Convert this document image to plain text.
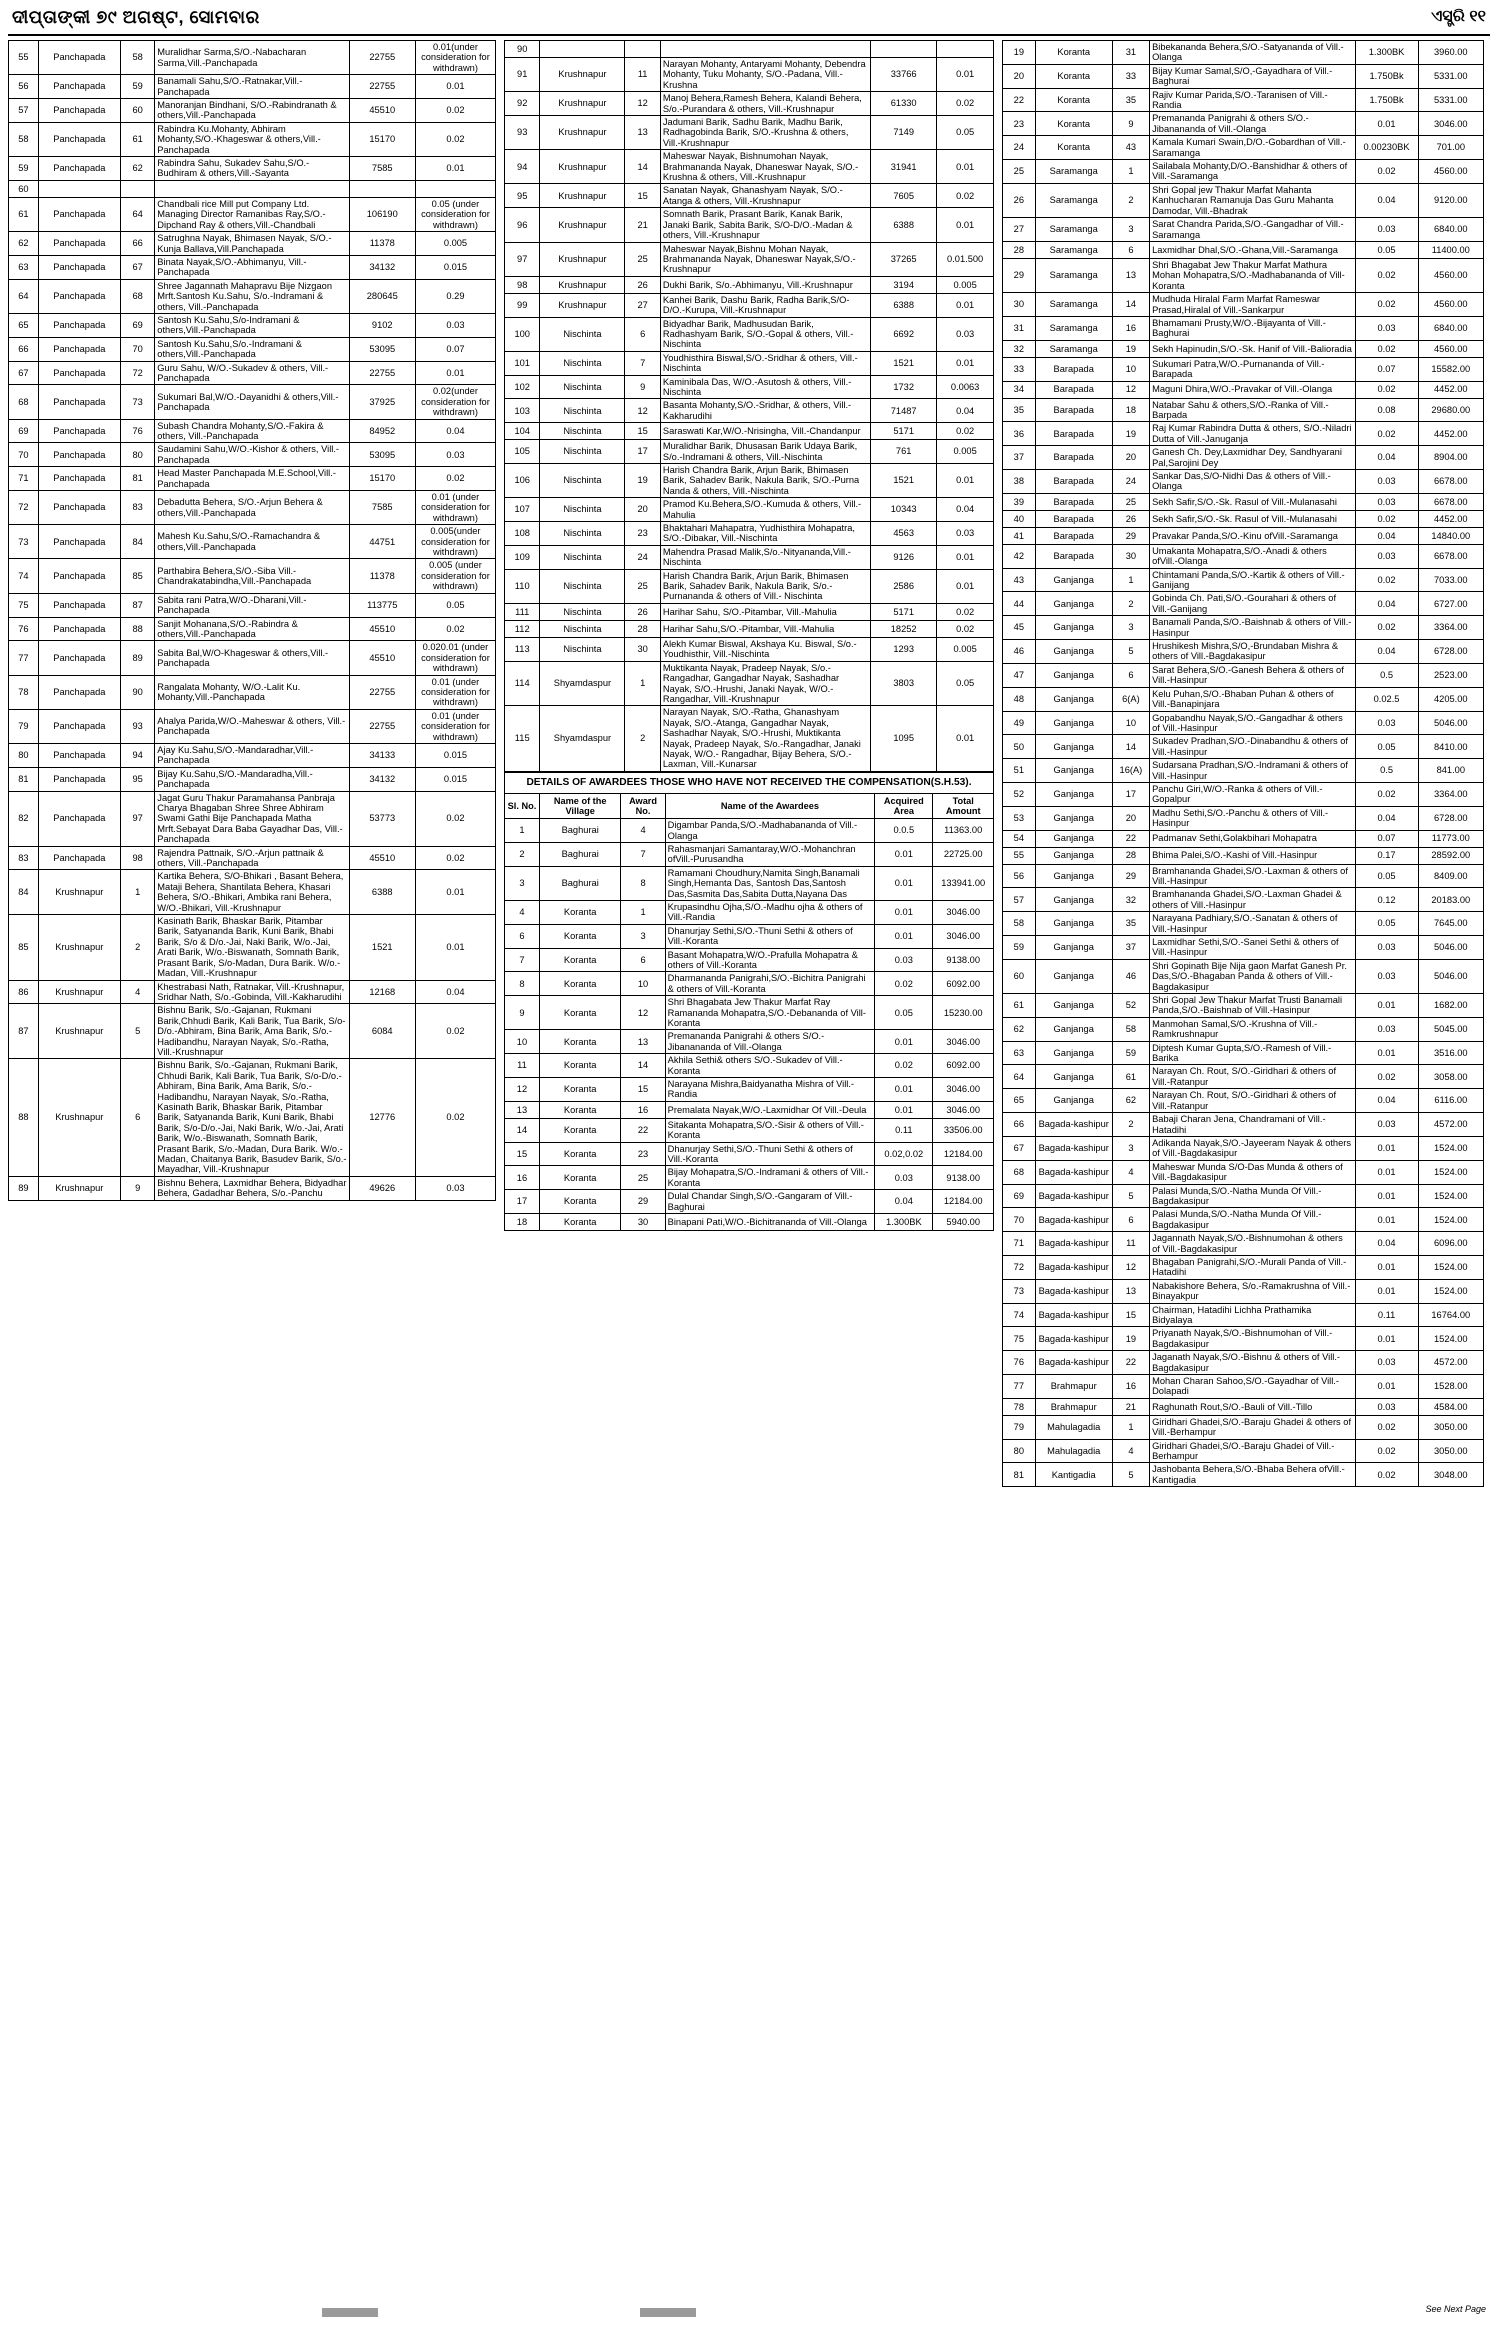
ଦୀପ୍ତାଙ୍କୀ ୭୯ ଅଗଷ୍ଟ, ସୋମବାର	ଏସ୍ତ୍ରି ୧୧
55	Panchapada	58	Muralidhar Sarma,S/O.-Nabacharan Sarma,Vill.-Panchapada	22755	0.01(under consideration for withdrawn)
56	Panchapada	59	Banamali Sahu,S/O.-Ratnakar,Vill.-Panchapada	22755	0.01
57	Panchapada	60	Manoranjan Bindhani, S/O.-Rabindranath & others,Vill.-Panchapada	45510	0.02
58	Panchapada	61	Rabindra Ku.Mohanty, Abhiram Mohanty,S/O.-Khageswar & others,Vill.-Panchapada	15170	0.02
59	Panchapada	62	Rabindra Sahu, Sukadev Sahu,S/O.-Budhiram & others,Vill.-Sayanta	7585	0.01
60					
61	Panchapada	64	Chandbali rice Mill put Company Ltd. Managing Director Ramanibas Ray,S/O.-Dipchand Ray & others,Vill.-Chandbali	106190	0.05 (under consideration for withdrawn)
62	Panchapada	66	Satrughna Nayak, Bhimasen Nayak, S/O.-Kunja Ballava,Vill.Panchapada	11378	0.005
63	Panchapada	67	Binata Nayak,S/O.-Abhimanyu, Vill.-Panchapada	34132	0.015
64	Panchapada	68	Shree Jagannath Mahapravu Bije Nizgaon Mrft.Santosh Ku.Sahu, S/o.-Indramani & others, Vill.-Panchapada	280645	0.29
65	Panchapada	69	Santosh Ku.Sahu,S/o-Indramani & others,Vill.-Panchapada	9102	0.03
66	Panchapada	70	Santosh Ku.Sahu,S/o.-Indramani & others,Vill.-Panchapada	53095	0.07
67	Panchapada	72	Guru Sahu, W/O.-Sukadev & others, Vill.-Panchapada	22755	0.01
68	Panchapada	73	Sukumari Bal,W/O.-Dayanidhi & others,Vill.-Panchapada	37925	0.02(under consideration for withdrawn)
69	Panchapada	76	Subash Chandra Mohanty,S/O.-Fakira & others, Vill.-Panchapada	84952	0.04
70	Panchapada	80	Saudamini Sahu,W/O.-Kishor & others, Vill.-Panchapada	53095	0.03
71	Panchapada	81	Head Master Panchapada M.E.School,Vill.-Panchapada	15170	0.02
72	Panchapada	83	Debadutta Behera, S/O.-Arjun Behera & others,Vill.-Panchapada	7585	0.01 (under consideration for withdrawn)
73	Panchapada	84	Mahesh Ku.Sahu,S/O.-Ramachandra & others,Vill.-Panchapada	44751	0.005(under consideration for withdrawn)
74	Panchapada	85	Parthabira Behera,S/O.-Siba Vill.-Chandrakatabindha,Vill.-Panchapada	11378	0.005 (under consideration for withdrawn)
75	Panchapada	87	Sabita rani Patra,W/O.-Dharani,Vill.-Panchapada	113775	0.05
76	Panchapada	88	Sanjit Mohanana,S/O.-Rabindra & others,Vill.-Panchapada	45510	0.02
77	Panchapada	89	Sabita Bal,W/O-Khageswar & others,Vill.-Panchapada	45510	0.020.01 (under consideration for withdrawn)
78	Panchapada	90	Rangalata Mohanty, W/O.-Lalit Ku. Mohanty,Vill.-Panchapada	22755	0.01 (under consideration for withdrawn)
79	Panchapada	93	Ahalya Parida,W/O.-Maheswar & others, Vill.-Panchapada	22755	0.01 (under consideration for withdrawn)
80	Panchapada	94	Ajay Ku.Sahu,S/O.-Mandaradhar,Vill.-Panchapada	34133	0.015
81	Panchapada	95	Bijay Ku.Sahu,S/O.-Mandaradha,Vill.-Panchapada	34132	0.015
82	Panchapada	97	Jagat Guru Thakur Paramahansa Panbraja Charya Bhagaban Shree Shree Abhiram Swami Gathi Bije Panchapada Matha Mrft.Sebayat Dara Baba Gayadhar Das, Vill.-Panchapada	53773	0.02
83	Panchapada	98	Rajendra Pattnaik, S/O.-Arjun pattnaik & others, Vill.-Panchapada	45510	0.02
84	Krushnapur	1	Kartika Behera, S/O-Bhikari , Basant Behera, Mataji Behera, Shantilata Behera, Khasari Behera, S/O.-Bhikari, Ambika rani Behera, W/O.-Bhikari, Vill.-Krushnapur	6388	0.01
85	Krushnapur	2	Kasinath Barik, Bhaskar Barik, Pitambar Barik, Satyananda Barik, Kuni Barik, Bhabi Barik, S/o & D/o.-Jai, Naki Barik, W/o.-Jai, Arati Barik, W/o.-Biswanath, Somnath Barik, Prasant Barik, S/o-Madan, Dura Barik. W/o.-Madan, Vill.-Krushnapur	1521	0.01
86	Krushnapur	4	Khestrabasi Nath, Ratnakar, Vill.-Krushnapur, Sridhar Nath, S/o.-Gobinda, Vill.-Kakharudihi	12168	0.04
87	Krushnapur	5	Bishnu Barik, S/o.-Gajanan, Rukmani Barik,Chhudi Barik, Kali Barik, Tua Barik, S/o-D/o.-Abhiram, Bina Barik, Ama Barik, S/o.-Hadibandhu, Narayan Nayak, S/o.-Ratha, Vill.-Krushnapur	6084	0.02
88	Krushnapur	6	Bishnu Barik, S/o.-Gajanan, Rukmani Barik, Chhudi Barik, Kali Barik, Tua Barik, S/o-D/o.-Abhiram, Bina Barik, Ama Barik, S/o.-Hadibandhu, Narayan Nayak, S/o.-Ratha, Kasinath Barik, Bhaskar Barik, Pitambar Barik, Satyananda Barik, Kuni Barik, Bhabi Barik, S/o-D/o.-Jai, Naki Barik, W/o.-Jai, Arati Barik, W/o.-Biswanath, Somnath Barik, Prasant Barik, S/o.-Madan, Dura Barik. W/o.-Madan, Chaitanya Barik, Basudev Barik, S/o.-Mayadhar, Vill.-Krushnapur	12776	0.02
89	Krushnapur	9	Bishnu Behera, Laxmidhar Behera, Bidyadhar Behera, Gadadhar Behera, S/o.-Panchu	49626	0.03
90					
91	Krushnapur	11	Narayan Mohanty, Antaryami Mohanty, Debendra Mohanty, Tuku Mohanty, S/O.-Padana, Vill.-Krushna	33766	0.01
92	Krushnapur	12	Manoj Behera,Ramesh Behera, Kalandi Behera, S/o.-Purandara & others, Vill.-Krushnapur	61330	0.02
93	Krushnapur	13	Jadumani Barik, Sadhu Barik, Madhu Barik, Radhagobinda Barik, S/O.-Krushna & others, Vill.-Krushnapur	7149	0.05
94	Krushnapur	14	Maheswar Nayak, Bishnumohan Nayak, Brahmananda Nayak, Dhaneswar Nayak, S/O.-Krushna & others, Vill.-Krushnapur	31941	0.01
95	Krushnapur	15	Sanatan Nayak, Ghanashyam Nayak, S/O.-Atanga & others, Vill.-Krushnapur	7605	0.02
96	Krushnapur	21	Somnath Barik, Prasant Barik, Kanak Barik, Janaki Barik, Sabita Barik, S/O-D/O.-Madan & others, Vill.-Krushnapur	6388	0.01
97	Krushnapur	25	Maheswar Nayak,Bishnu Mohan Nayak, Brahmananda Nayak, Dhaneswar Nayak,S/O.- Krushnapur	37265	0.01.500
98	Krushnapur	26	Dukhi Barik, S/o.-Abhimanyu, Vill.-Krushnapur	3194	0.005
99	Krushnapur	27	Kanhei Barik, Dashu Barik, Radha Barik,S/O-D/O.-Kurupa, Vill.-Krushnapur	6388	0.01
100	Nischinta	6	Bidyadhar Barik, Madhusudan Barik, Radhashyam Barik, S/O.-Gopal & others, Vill.-Nischinta	6692	0.03
101	Nischinta	7	Youdhisthira Biswal,S/O.-Sridhar & others, Vill.-Nischinta	1521	0.01
102	Nischinta	9	Kaminibala Das, W/O.-Asutosh & others, Vill.-Nischinta	1732	0.0063
103	Nischinta	12	Basanta Mohanty,S/O.-Sridhar, & others, Vill.-Kakharudihi	71487	0.04
104	Nischinta	15	Saraswati Kar,W/O.-Nrisingha, Vill.-Chandanpur	5171	0.02
105	Nischinta	17	Muralidhar Barik, Dhusasan Barik Udaya Barik, S/o.-Indramani & others, Vill.-Nischinta	761	0.005
106	Nischinta	19	Harish Chandra Barik, Arjun Barik, Bhimasen Barik, Sahadev Barik, Nakula Barik, S/O.-Purna Nanda & others, Vill.-Nischinta	1521	0.01
107	Nischinta	20	Pramod Ku.Behera,S/O.-Kumuda & others, Vill.-Mahulia	10343	0.04
108	Nischinta	23	Bhaktahari Mahapatra, Yudhisthira Mohapatra, S/O.-Dibakar, Vill.-Nischinta	4563	0.03
109	Nischinta	24	Mahendra Prasad Malik,S/o.-Nityananda,Vill.-Nischinta	9126	0.01
110	Nischinta	25	Harish Chandra Barik, Arjun Barik, Bhimasen Barik, Sahadev Barik, Nakula Barik, S/o.-Purnananda & others of Vill.- Nischinta	2586	0.01
111	Nischinta	26	Harihar Sahu, S/O.-Pitambar, Vill.-Mahulia	5171	0.02
112	Nischinta	28	Harihar Sahu,S/O.-Pitambar, Vill.-Mahulia	18252	0.02
113	Nischinta	30	Alekh Kumar Biswal, Akshaya Ku. Biswal, S/o.-Youdhisthir, Vill.-Nischinta	1293	0.005
114	Shyamdaspur	1	Muktikanta Nayak, Pradeep Nayak, S/o.-Rangadhar, Gangadhar Nayak, Sashadhar Nayak, S/O.-Hrushi, Janaki Nayak, W/O.-Rangadhar, Vill.-Krushnapur	3803	0.05
115	Shyamdaspur	2	Narayan Nayak, S/O.-Ratha, Ghanashyam Nayak, S/O.-Atanga, Gangadhar Nayak, Sashadhar Nayak, S/O.-Hrushi, Muktikanta Nayak, Pradeep Nayak, S/o.-Rangadhar, Janaki Nayak, W/O.- Rangadhar, Bijay Behera, S/O.-Laxman, Vill.-Kunarsar	1095	0.01
DETAILS OF AWARDEES THOSE WHO HAVE NOT RECEIVED THE COMPENSATION(S.H.53).
Sl. No.	Name of the Village	Award No.	Name of the Awardees	Acquired Area	Total Amount
1	Baghurai	4	Digambar Panda,S/O.-Madhabananda of Vill.-Olanga	0.0.5	11363.00
2	Baghurai	7	Rahasmanjari Samantaray,W/O.-Mohanchran ofVill.-Purusandha	0.01	22725.00
3	Baghurai	8	Ramamani Choudhury,Namita Singh,Banamali Singh,Hemanta Das, Santosh Das,Santosh Das,Sasmita Das,Sabita Dutta,Nayana Das	0.01	133941.00
4	Koranta	1	Krupasindhu Ojha,S/O.-Madhu ojha & others of Vill.-Randia	0.01	3046.00
6	Koranta	3	Dhanurjay Sethi,S/O.-Thuni Sethi & others of Vill.-Koranta	0.01	3046.00
7	Koranta	6	Basant Mohapatra,W/O.-Prafulla Mohapatra & others of Vill.-Koranta	0.03	9138.00
8	Koranta	10	Dharmananda Panigrahi,S/O.-Bichitra Panigrahi & others of Vill.-Koranta	0.02	6092.00
9	Koranta	12	Shri Bhagabata Jew Thakur Marfat Ray Ramananda Mohapatra,S/O.-Debananda of Vill-Koranta	0.05	15230.00
10	Koranta	13	Premananda Panigrahi & others S/O.-Jibanananda of Vill.-Olanga	0.01	3046.00
11	Koranta	14	Akhila Sethi& others S/O.-Sukadev of Vill.-Koranta	0.02	6092.00
12	Koranta	15	Narayana Mishra,Baidyanatha Mishra of Vill.-Randia	0.01	3046.00
13	Koranta	16	Premalata Nayak,W/O.-Laxmidhar Of Vill.-Deula	0.01	3046.00
14	Koranta	22	Sitakanta Mohapatra,S/O.-Sisir & others of Vill.-Koranta	0.11	33506.00
15	Koranta	23	Dhanurjay Sethi,S/O.-Thuni Sethi & others of Vill.-Koranta	0.02,0.02	12184.00
16	Koranta	25	Bijay Mohapatra,S/O.-Indramani & others of Vill.-Koranta	0.03	9138.00
17	Koranta	29	Dulal Chandar Singh,S/O.-Gangaram of Vill.-Baghurai	0.04	12184.00
18	Koranta	30	Binapani Pati,W/O.-Bichitrananda of Vill.-Olanga	1.300BK	5940.00
19	Koranta	31	Bibekananda Behera,S/O.-Satyananda of Vill.-Olanga	1.300BK	3960.00
20	Koranta	33	Bijay Kumar Samal,S/O,-Gayadhara of Vill.-Baghurai	1.750Bk	5331.00
22	Koranta	35	Rajiv Kumar Parida,S/O.-Taranisen of Vill.-Randia	1.750Bk	5331.00
23	Koranta	9	Premananda Panigrahi & others S/O.-Jibanananda of Vill.-Olanga	0.01	3046.00
24	Koranta	43	Kamala Kumari Swain,D/O.-Gobardhan of Vill.-Saramanga	0.00230BK	701.00
25	Saramanga	1	Sailabala Mohanty,D/O.-Banshidhar & others of Vill.-Saramanga	0.02	4560.00
26	Saramanga	2	Shri Gopal jew Thakur Marfat Mahanta Kanhucharan Ramanuja Das Guru Mahanta Damodar, Vill.-Bhadrak	0.04	9120.00
27	Saramanga	3	Sarat Chandra Parida,S/O.-Gangadhar of Vill.-Saramanga	0.03	6840.00
28	Saramanga	6	Laxmidhar Dhal,S/O.-Ghana,Vill.-Saramanga	0.05	11400.00
29	Saramanga	13	Shri Bhagabat Jew Thakur Marfat Mathura Mohan Mohapatra,S/O.-Madhabananda of Vill-Koranta	0.02	4560.00
30	Saramanga	14	Mudhuda Hiralal Farm Marfat Rameswar Prasad,Hiralal of Vill.-Sankarpur	0.02	4560.00
31	Saramanga	16	Bhamamani Prusty,W/O.-Bijayanta of Vill.-Baghurai	0.03	6840.00
32	Saramanga	19	Sekh Hapinudin,S/O.-Sk. Hanif of Vill.-Balioradia	0.02	4560.00
33	Barapada	10	Sukumari Patra,W/O.-Purnananda of Vill.-Barapada	0.07	15582.00
34	Barapada	12	Maguni Dhira,W/O.-Pravakar of Vill.-Olanga	0.02	4452.00
35	Barapada	18	Natabar Sahu & others,S/O.-Ranka of Vill.-Barpada	0.08	29680.00
36	Barapada	19	Raj Kumar Rabindra Dutta & others, S/O.-Niladri Dutta of Vill.-Januganja	0.02	4452.00
37	Barapada	20	Ganesh Ch. Dey,Laxmidhar Dey, Sandhyarani Pal,Sarojini Dey	0.04	8904.00
38	Barapada	24	Sankar Das,S/O-Nidhi Das & others of Vill.-Olanga	0.03	6678.00
39	Barapada	25	Sekh Safir,S/O.-Sk. Rasul of Vill.-Mulanasahi	0.03	6678.00
40	Barapada	26	Sekh Safir,S/O.-Sk. Rasul of Vill.-Mulanasahi	0.02	4452.00
41	Barapada	29	Pravakar Panda,S/O.-Kinu ofVill.-Saramanga	0.04	14840.00
42	Barapada	30	Umakanta Mohapatra,S/O.-Anadi & others ofVill.-Olanga	0.03	6678.00
43	Ganjanga	1	Chintamani Panda,S/O.-Kartik & others of Vill.-Ganijang	0.02	7033.00
44	Ganjanga	2	Gobinda Ch. Pati,S/O.-Gourahari & others of Vill.-Ganijang	0.04	6727.00
45	Ganjanga	3	Banamali Panda,S/O.-Baishnab & others of Vill.-Hasinpur	0.02	3364.00
46	Ganjanga	5	Hrushikesh Mishra,S/O,-Brundaban Mishra & others of Vill.-Bagdakasipur	0.04	6728.00
47	Ganjanga	6	Sarat Behera,S/O.-Ganesh Behera & others of Vill.-Hasinpur	0.5	2523.00
48	Ganjanga	6(A)	Kelu Puhan,S/O.-Bhaban Puhan & others of Vill.-Banapinjara	0.02.5	4205.00
49	Ganjanga	10	Gopabandhu Nayak,S/O.-Gangadhar & others of Vill.-Hasinpur	0.03	5046.00
50	Ganjanga	14	Sukadev Pradhan,S/O.-Dinabandhu & others of Vill.-Hasinpur	0.05	8410.00
51	Ganjanga	16(A)	Sudarsana Pradhan,S/O.-Indramani & others of Vill.-Hasinpur	0.5	841.00
52	Ganjanga	17	Panchu Giri,W/O.-Ranka & others of Vill.-Gopalpur	0.02	3364.00
53	Ganjanga	20	Madhu Sethi,S/O.-Panchu & others of Vill.-Hasinpur	0.04	6728.00
54	Ganjanga	22	Padmanav Sethi,Golakbihari Mohapatra	0.07	11773.00
55	Ganjanga	28	Bhima Palei,S/O.-Kashi of Vill.-Hasinpur	0.17	28592.00
56	Ganjanga	29	Bramhananda Ghadei,S/O.-Laxman & others of Vill.-Hasinpur	0.05	8409.00
57	Ganjanga	32	Bramhananda Ghadei,S/O.-Laxman Ghadei & others of Vill.-Hasinpur	0.12	20183.00
58	Ganjanga	35	Narayana Padhiary,S/O.-Sanatan & others of Vill.-Hasinpur	0.05	7645.00
59	Ganjanga	37	Laxmidhar Sethi,S/O.-Sanei Sethi & others of Vill.-Hasinpur	0.03	5046.00
60	Ganjanga	46	Shri Gopinath Bije Nija gaon Marfat Ganesh Pr. Das,S/O.-Bhagaban Panda & others of Vill.-Bagdakasipur	0.03	5046.00
61	Ganjanga	52	Shri Gopal Jew Thakur Marfat Trusti Banamali Panda,S/O.-Baishnab of Vill.-Hasinpur	0.01	1682.00
62	Ganjanga	58	Manmohan Samal,S/O.-Krushna of Vill.-Ramkrushnapur	0.03	5045.00
63	Ganjanga	59	Diptesh Kumar Gupta,S/O.-Ramesh of Vill.-Barika	0.01	3516.00
64	Ganjanga	61	Narayan Ch. Rout, S/O.-Giridhari & others of Vill.-Ratanpur	0.02	3058.00
65	Ganjanga	62	Narayan Ch. Rout, S/O.-Giridhari & others of Vill.-Ratanpur	0.04	6116.00
66	Bagada-kashipur	2	Babaji Charan Jena, Chandramani of Vill.-Hatadihi	0.03	4572.00
67	Bagada-kashipur	3	Adikanda Nayak,S/O.-Jayeeram Nayak & others of Vill.-Bagdakasipur	0.01	1524.00
68	Bagada-kashipur	4	Maheswar Munda S/O-Das Munda & others of Vill.-Bagdakasipur	0.01	1524.00
69	Bagada-kashipur	5	Palasi Munda,S/O.-Natha Munda Of Vill.-Bagdakasipur	0.01	1524.00
70	Bagada-kashipur	6	Palasi Munda,S/O.-Natha Munda Of Vill.-Bagdakasipur	0.01	1524.00
71	Bagada-kashipur	11	Jagannath Nayak,S/O.-Bishnumohan & others of Vill.-Bagdakasipur	0.04	6096.00
72	Bagada-kashipur	12	Bhagaban Panigrahi,S/O.-Murali Panda of Vill.-Hatadihi	0.01	1524.00
73	Bagada-kashipur	13	Nabakishore Behera, S/o.-Ramakrushna of Vill.-Binayakpur	0.01	1524.00
74	Bagada-kashipur	15	Chairman, Hatadihi Lichha Prathamika Bidyalaya	0.11	16764.00
75	Bagada-kashipur	19	Priyanath Nayak,S/O.-Bishnumohan of Vill.-Bagdakasipur	0.01	1524.00
76	Bagada-kashipur	22	Jaganath Nayak,S/O.-Bishnu & others of Vill.-Bagdakasipur	0.03	4572.00
77	Brahmapur	16	Mohan Charan Sahoo,S/O.-Gayadhar of Vill.-Dolapadi	0.01	1528.00
78	Brahmapur	21	Raghunath Rout,S/O.-Bauli of Vill.-Tillo	0.03	4584.00
79	Mahulagadia	1	Giridhari Ghadei,S/O.-Baraju Ghadei & others of Vill.-Berhampur	0.02	3050.00
80	Mahulagadia	4	Giridhari Ghadei,S/O.-Baraju Ghadei of Vill.-Berhampur	0.02	3050.00
81	Kantigadia	5	Jashobanta Behera,S/O.-Bhaba Behera ofVill.-Kantigadia	0.02	3048.00
See Next Page
